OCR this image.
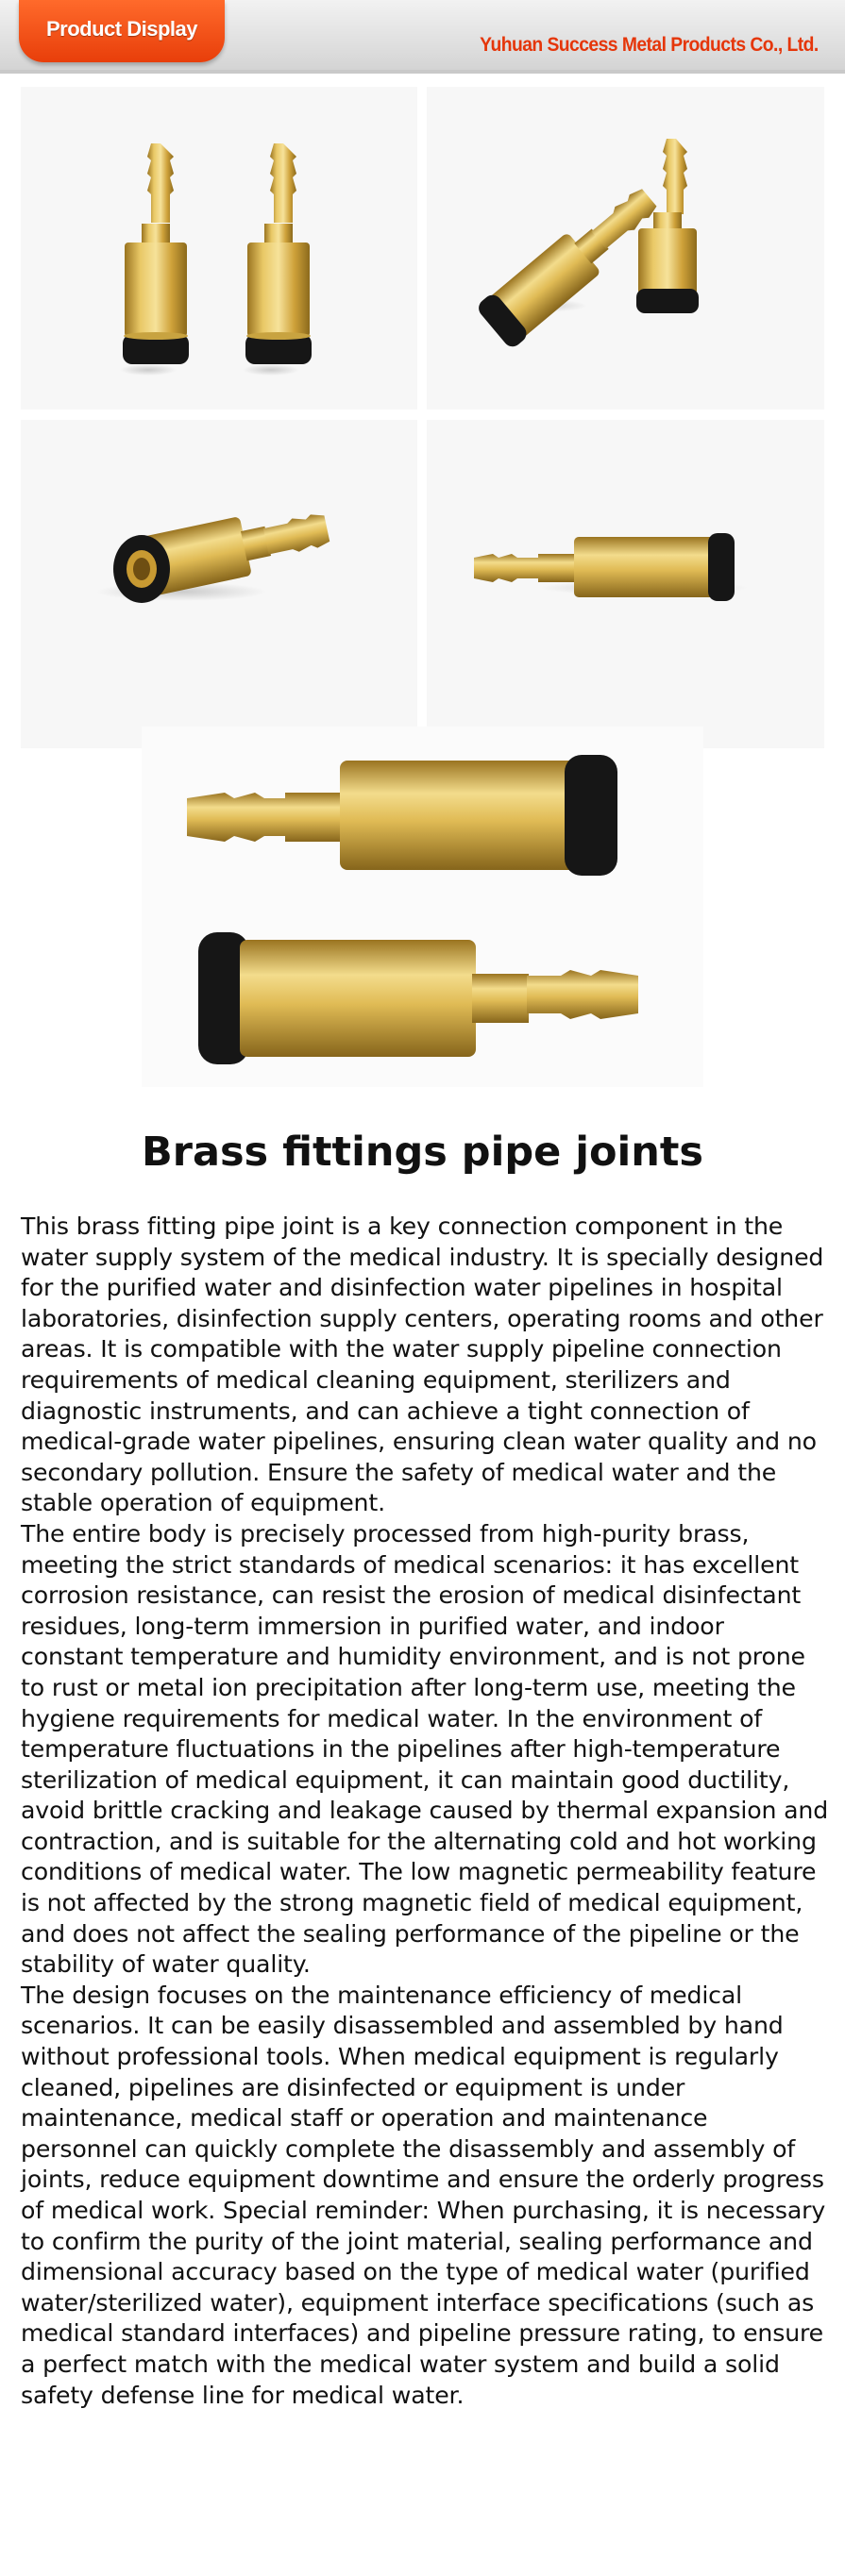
Product Display
Yuhuan Success Metal Products Co., Ltd.
Brass fittings pipe joints

This brass fitting pipe joint is a key connection component in the water supply system of the medical industry. It is specially designed for the purified water and disinfection water pipelines in hospital laboratories, disinfection supply centers, operating rooms and other areas. It is compatible with the water supply pipeline connection requirements of medical cleaning equipment, sterilizers and diagnostic instruments, and can achieve a tight connection of medical-grade water pipelines, ensuring clean water quality and no secondary pollution. Ensure the safety of medical water and the stable operation of equipment.

The entire body is precisely processed from high-purity brass, meeting the strict standards of medical scenarios: it has excellent corrosion resistance, can resist the erosion of medical disinfectant residues, long-term immersion in purified water, and indoor constant temperature and humidity environment, and is not prone to rust or metal ion precipitation after long-term use, meeting the hygiene requirements for medical water. In the environment of temperature fluctuations in the pipelines after high-temperature sterilization of medical equipment, it can maintain good ductility, avoid brittle cracking and leakage caused by thermal expansion and contraction, and is suitable for the alternating cold and hot working conditions of medical water. The low magnetic permeability feature is not affected by the strong magnetic field of medical equipment, and does not affect the sealing performance of the pipeline or the stability of water quality.

The design focuses on the maintenance efficiency of medical scenarios. It can be easily disassembled and assembled by hand without professional tools. When medical equipment is regularly cleaned, pipelines are disinfected or equipment is under maintenance, medical staff or operation and maintenance personnel can quickly complete the disassembly and assembly of joints, reduce equipment downtime and ensure the orderly progress of medical work. Special reminder: When purchasing, it is necessary to confirm the purity of the joint material, sealing performance and dimensional accuracy based on the type of medical water (purified water/sterilized water), equipment interface specifications (such as medical standard interfaces) and pipeline pressure rating, to ensure a perfect match with the medical water system and build a solid safety defense line for medical water.
